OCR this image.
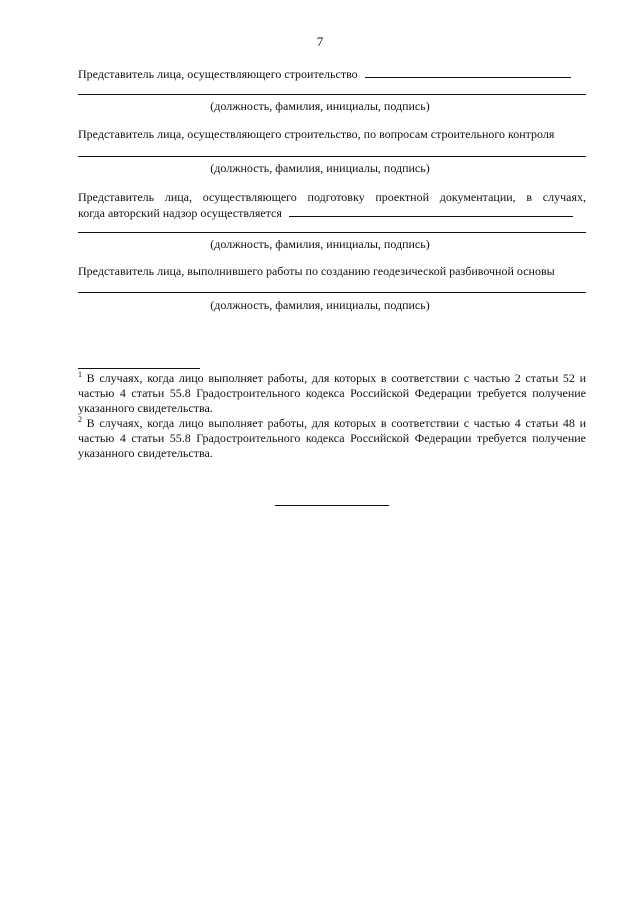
7
Представитель лица, осуществляющего строительство
(должность, фамилия, инициалы, подпись)
Представитель лица, осуществляющего строительство, по вопросам строительного контроля
(должность, фамилия, инициалы, подпись)
Представитель лица, осуществляющего подготовку проектной документации, в случаях,
когда авторский надзор осуществляется
(должность, фамилия, инициалы, подпись)
Представитель лица, выполнившего работы по созданию геодезической разбивочной основы
(должность, фамилия, инициалы, подпись)
$^1$ В случаях, когда лицо выполняет работы, для которых в соответствии с частью 2 статьи 52 и частью 4 статьи 55.8 Градостроительного кодекса Российской Федерации требуется получение указанного свидетельства.
$^2$ В случаях, когда лицо выполняет работы, для которых в соответствии с частью 4 статьи 48 и частью 4 статьи 55.8 Градостроительного кодекса Российской Федерации требуется получение указанного свидетельства.
